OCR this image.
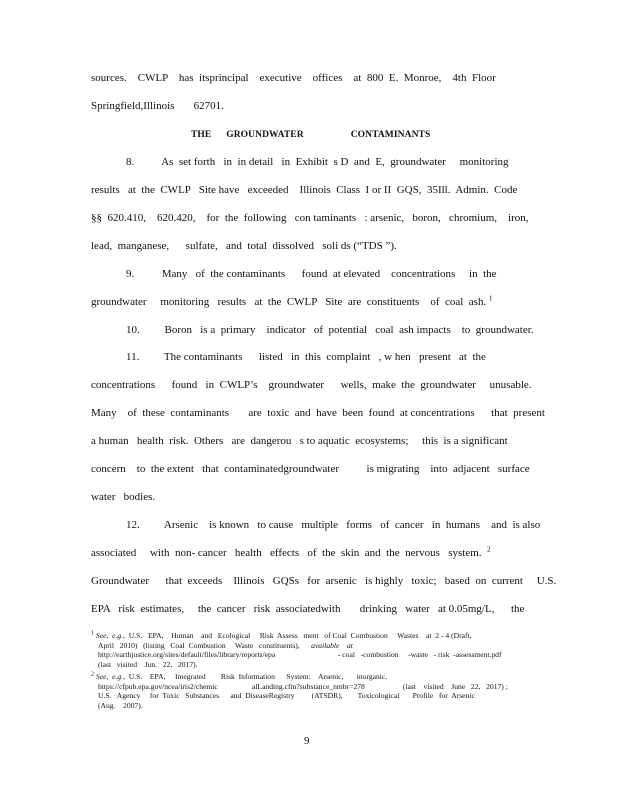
sources.    CWLP    has  itsprincipal    executive    offices    at  800  E.  Monroe,    4th  Floor
Springfield,Illinois       62701.
THE      GROUNDWATER                   CONTAMINANTS
8.          As  set forth   in  in detail   in  Exhibit  s D  and  E,  groundwater     monitoring
results   at  the  CWLP   Site have   exceeded    Illinois  Class  I or II  GQS,  35Ill.  Admin.  Code
§§  620.410,    620.420,    for  the  following   con taminants   : arsenic,   boron,   chromium,    iron,
lead,  manganese,      sulfate,   and  total  dissolved   soli ds (“TDS ”).
9.          Many   of  the contaminants      found  at elevated    concentrations     in  the
groundwater     monitoring   results   at  the  CWLP   Site  are  constituents    of  coal  ash. $^1$
10.         Boron   is a  primary    indicator   of  potential   coal  ash impacts    to  groundwater.
11.         The contaminants      listed   in  this  complaint   , w hen   present   at  the
concentrations      found   in  CWLP’s    groundwater      wells,  make  the  groundwater     unusable.
Many    of  these  contaminants       are  toxic  and  have  been  found  at concentrations      that  present
a human   health  risk.  Others   are  dangerou   s to aquatic  ecosystems;     this  is a significant
concern    to  the extent   that  contaminatedgroundwater          is migrating    into  adjacent   surface
water   bodies.
12.         Arsenic    is known   to cause   multiple   forms   of  cancer   in  humans    and  is also
associated     with  non- cancer   health   effects   of  the  skin  and  the  nervous   system. $^2$
Groundwater      that  exceeds    Illinois   GQSs   for  arsenic   is highly   toxic;   based  on  current     U.S.
EPA   risk  estimates,     the  cancer   risk  associatedwith       drinking   water   at 0.05mg/L,      the
$^1$ See, e.g.,  U.S.   EPA,    Human    and   Ecological     Risk  Assess   ment   of Coal  Combustion     Wastes    at  2 - 4 (Draft,
April   2010)   (listing   Coal  Combustion     Waste   constituents), available    at
http://earthjustice.org/sites/default/files/library/reports/epa                                 - coal   -combustion     -waste   - risk  -assessment.pdf
(last   visited    Jun.   22,   2017).
$^2$ See, e.g.,  U.S.    EPA,     Integrated        Risk  Information      System:    Arsenic,       inorganic,
https://cfpub.epa.gov/ncea/iris2/chemic                  alLanding.cfm?substance_nmbr=278                    (last    visited    June   22,   2017) ;
U.S.   Agency     for  Toxic   Substances      and  DiseaseRegistry         (ATSDR),        Toxicological       Profile   for  Arsenic
(Aug.    2007).
9
